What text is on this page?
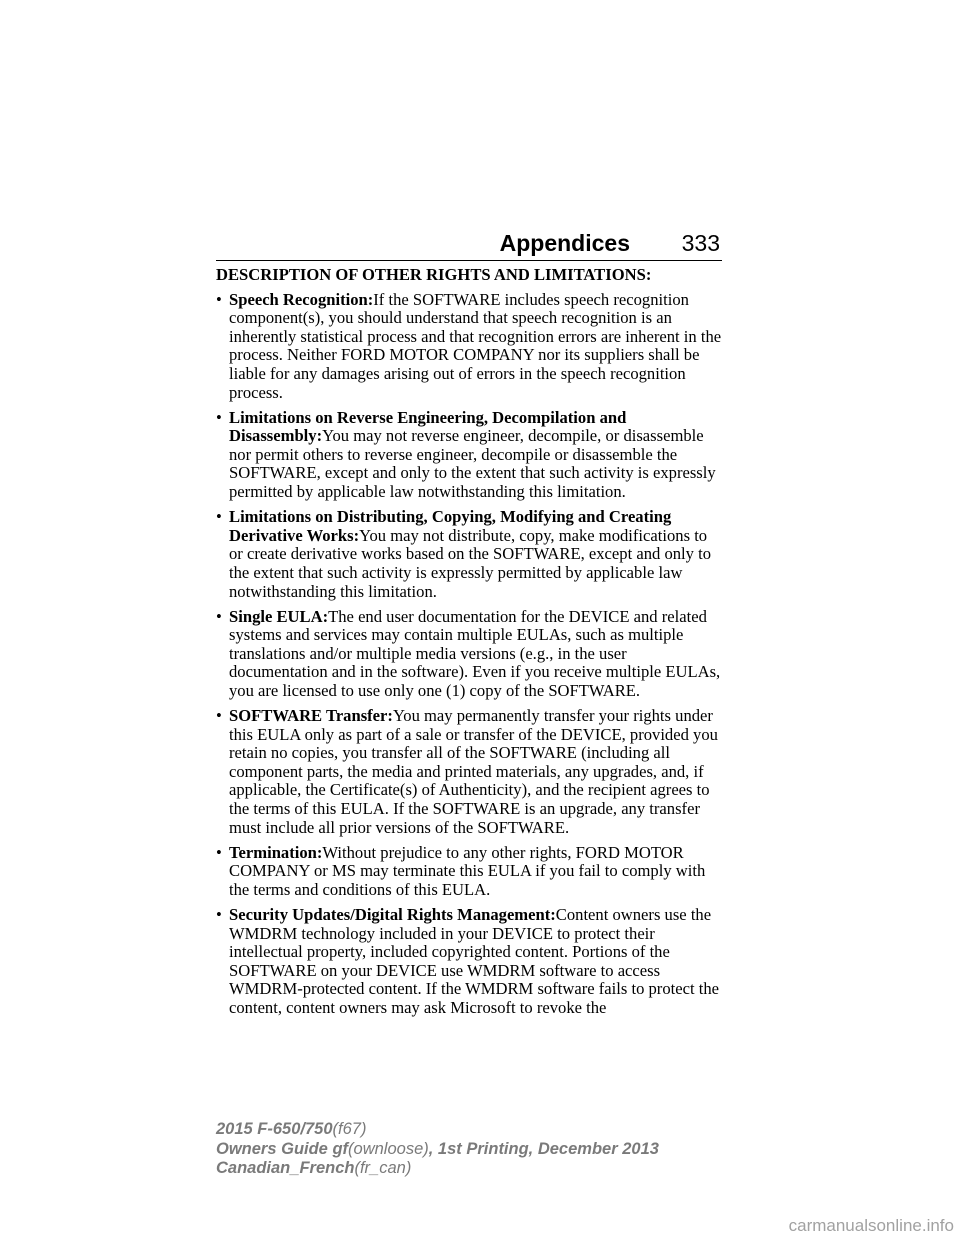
Appendices 333
DESCRIPTION OF OTHER RIGHTS AND LIMITATIONS:
• Speech Recognition:If the SOFTWARE includes speech recognition component(s), you should understand that speech recognition is an inherently statistical process and that recognition errors are inherent in the process. Neither FORD MOTOR COMPANY nor its suppliers shall be liable for any damages arising out of errors in the speech recognition process.
• Limitations on Reverse Engineering, Decompilation and Disassembly:You may not reverse engineer, decompile, or disassemble nor permit others to reverse engineer, decompile or disassemble the SOFTWARE, except and only to the extent that such activity is expressly permitted by applicable law notwithstanding this limitation.
• Limitations on Distributing, Copying, Modifying and Creating Derivative Works:You may not distribute, copy, make modifications to or create derivative works based on the SOFTWARE, except and only to the extent that such activity is expressly permitted by applicable law notwithstanding this limitation.
• Single EULA:The end user documentation for the DEVICE and related systems and services may contain multiple EULAs, such as multiple translations and/or multiple media versions (e.g., in the user documentation and in the software). Even if you receive multiple EULAs, you are licensed to use only one (1) copy of the SOFTWARE.
• SOFTWARE Transfer:You may permanently transfer your rights under this EULA only as part of a sale or transfer of the DEVICE, provided you retain no copies, you transfer all of the SOFTWARE (including all component parts, the media and printed materials, any upgrades, and, if applicable, the Certificate(s) of Authenticity), and the recipient agrees to the terms of this EULA. If the SOFTWARE is an upgrade, any transfer must include all prior versions of the SOFTWARE.
• Termination:Without prejudice to any other rights, FORD MOTOR COMPANY or MS may terminate this EULA if you fail to comply with the terms and conditions of this EULA.
• Security Updates/Digital Rights Management:Content owners use the WMDRM technology included in your DEVICE to protect their intellectual property, included copyrighted content. Portions of the SOFTWARE on your DEVICE use WMDRM software to access WMDRM-protected content. If the WMDRM software fails to protect the content, content owners may ask Microsoft to revoke the
2015 F-650/750(f67)
Owners Guide gf(ownloose), 1st Printing, December 2013
Canadian_French(fr_can)
carmanualsonline.info
